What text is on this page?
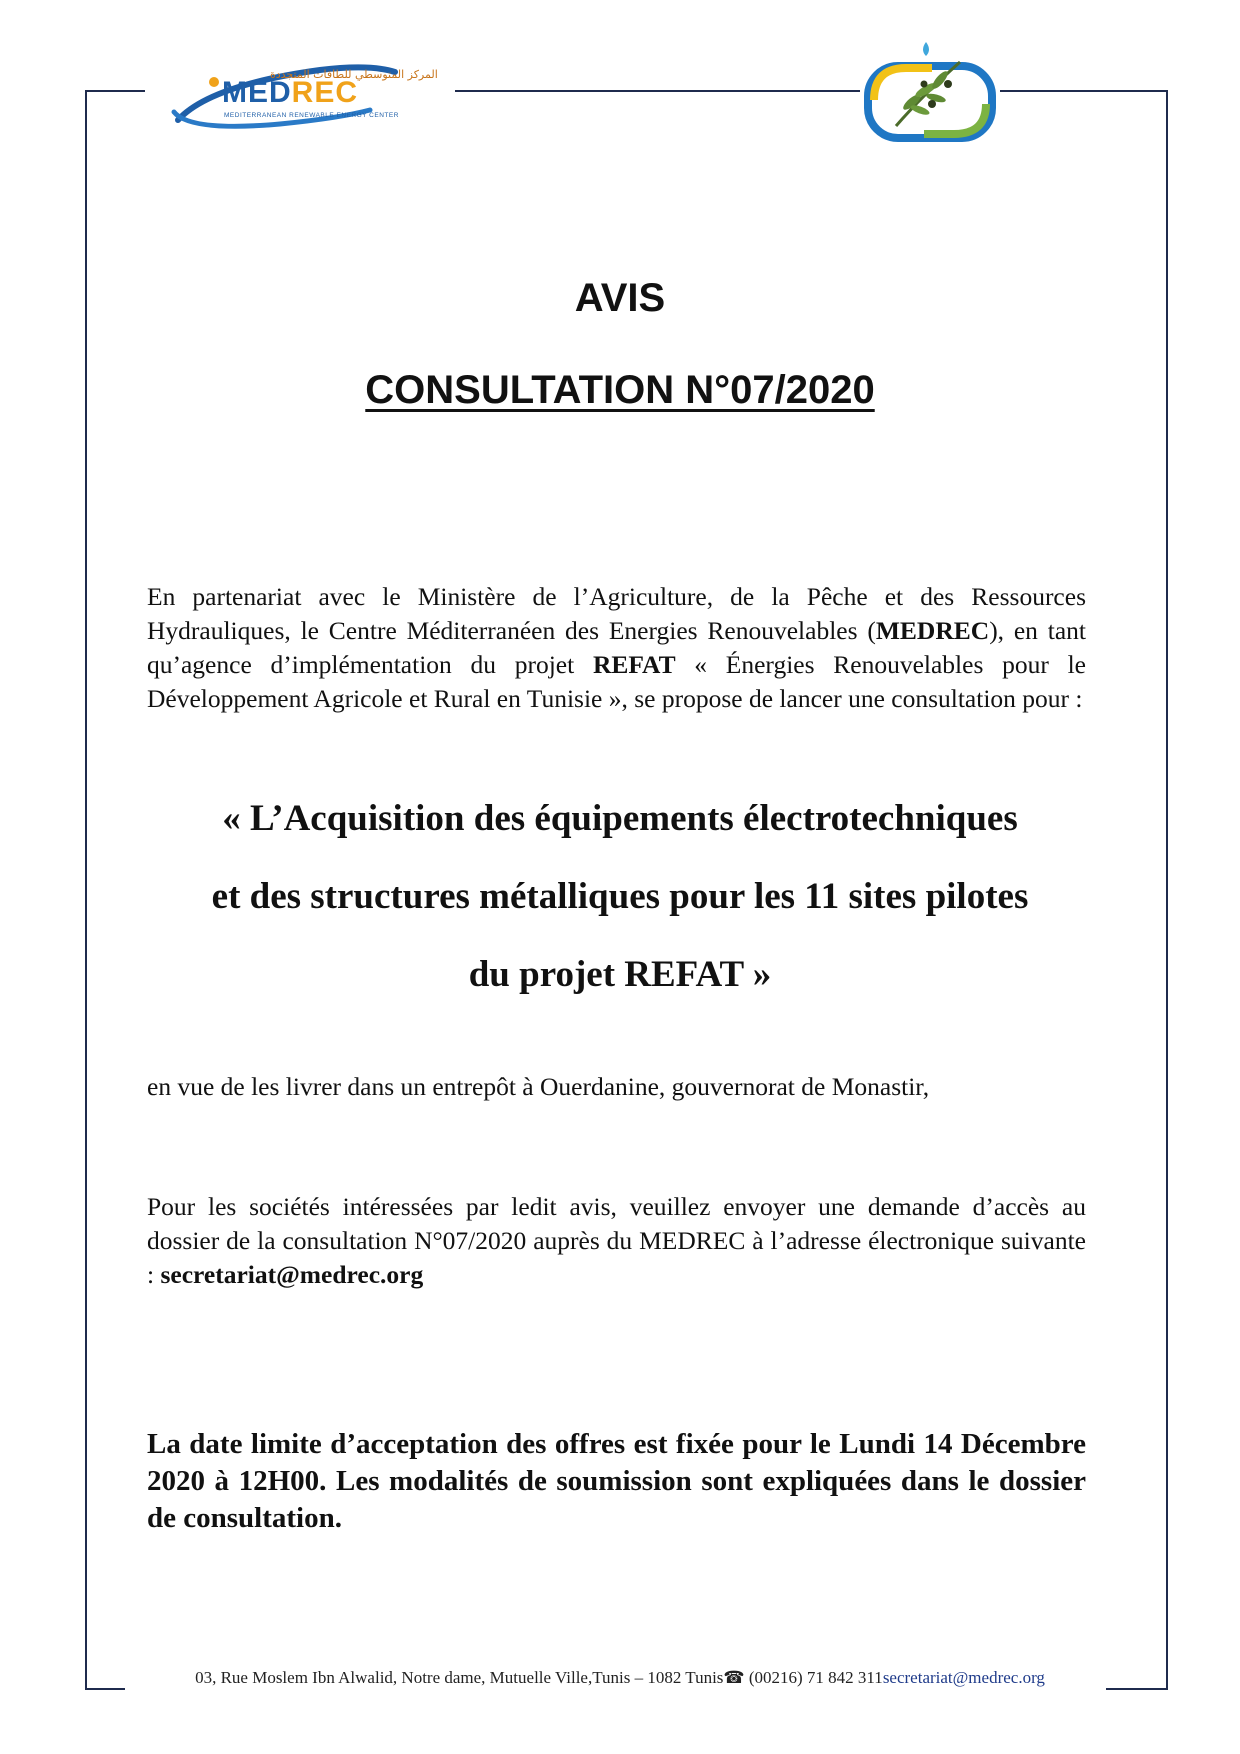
المركز المتوسطي للطاقات المتجددة
MEDREC
MEDITERRANEAN RENEWABLE ENERGY CENTER
AVIS
CONSULTATION N°07/2020
En partenariat avec le Ministère de l’Agriculture, de la Pêche et des Ressources Hydrauliques, le Centre Méditerranéen des Energies Renouvelables (MEDREC), en tant qu’agence d’implémentation du projet REFAT « Énergies Renouvelables pour le Développement Agricole et Rural en Tunisie », se propose de lancer une consultation pour :
« L’Acquisition des équipements électrotechniques
et des structures métalliques pour les 11 sites pilotes
du projet REFAT »
en vue de les livrer dans un entrepôt à Ouerdanine, gouvernorat de Monastir,
Pour les sociétés intéressées par ledit avis, veuillez envoyer une demande d’accès au dossier de la consultation N°07/2020 auprès du MEDREC à l’adresse électronique suivante : secretariat@medrec.org
La date limite d’acceptation des offres est fixée pour le Lundi 14 Décembre 2020 à 12H00. Les modalités de soumission sont expliquées dans le dossier de consultation.
03, Rue Moslem Ibn Alwalid, Notre dame, Mutuelle Ville,Tunis – 1082 Tunis☎ (00216) 71 842 311secretariat@medrec.org
